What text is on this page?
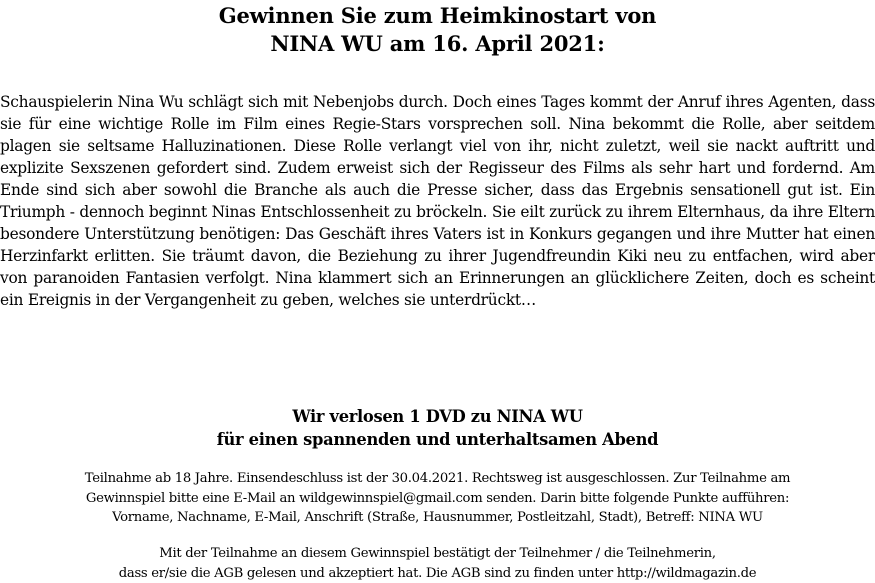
Gewinnen Sie zum Heimkinostart von
NINA WU am 16. April 2021:

Schauspielerin Nina Wu schlägt sich mit Nebenjobs durch. Doch eines Tages kommt der Anruf ihres Agenten, dass sie für eine wichtige Rolle im Film eines Regie-Stars vorsprechen soll. Nina bekommt die Rolle, aber seitdem plagen sie seltsame Halluzinationen. Diese Rolle verlangt viel von ihr, nicht zuletzt, weil sie nackt auftritt und explizite Sexszenen gefordert sind. Zudem erweist sich der Regisseur des Films als sehr hart und fordernd. Am Ende sind sich aber sowohl die Branche als auch die Presse sicher, dass das Ergebnis sensationell gut ist. Ein Triumph - dennoch beginnt Ninas Entschlossenheit zu bröckeln. Sie eilt zurück zu ihrem Elternhaus, da ihre Eltern besondere Unterstützung benötigen: Das Geschäft ihres Vaters ist in Konkurs gegangen und ihre Mutter hat einen Herzinfarkt erlitten. Sie träumt davon, die Beziehung zu ihrer Jugendfreundin Kiki neu zu entfachen, wird aber von paranoiden Fantasien verfolgt. Nina klammert sich an Erinnerungen an glücklichere Zeiten, doch es scheint ein Ereignis in der Vergangenheit zu geben, welches sie unterdrückt…

Wir verlosen 1 DVD zu NINA WU
für einen spannenden und unterhaltsamen Abend
Teilnahme ab 18 Jahre. Einsendeschluss ist der 30.04.2021. Rechtsweg ist ausgeschlossen. Zur Teilnahme am
Gewinnspiel bitte eine E-Mail an wildgewinnspiel@gmail.com senden. Darin bitte folgende Punkte aufführen:
Vorname, Nachname, E-Mail, Anschrift (Straße, Hausnummer, Postleitzahl, Stadt), Betreff: NINA WU
Mit der Teilnahme an diesem Gewinnspiel bestätigt der Teilnehmer / die Teilnehmerin,
dass er/sie die AGB gelesen und akzeptiert hat. Die AGB sind zu finden unter http://wildmagazin.de
